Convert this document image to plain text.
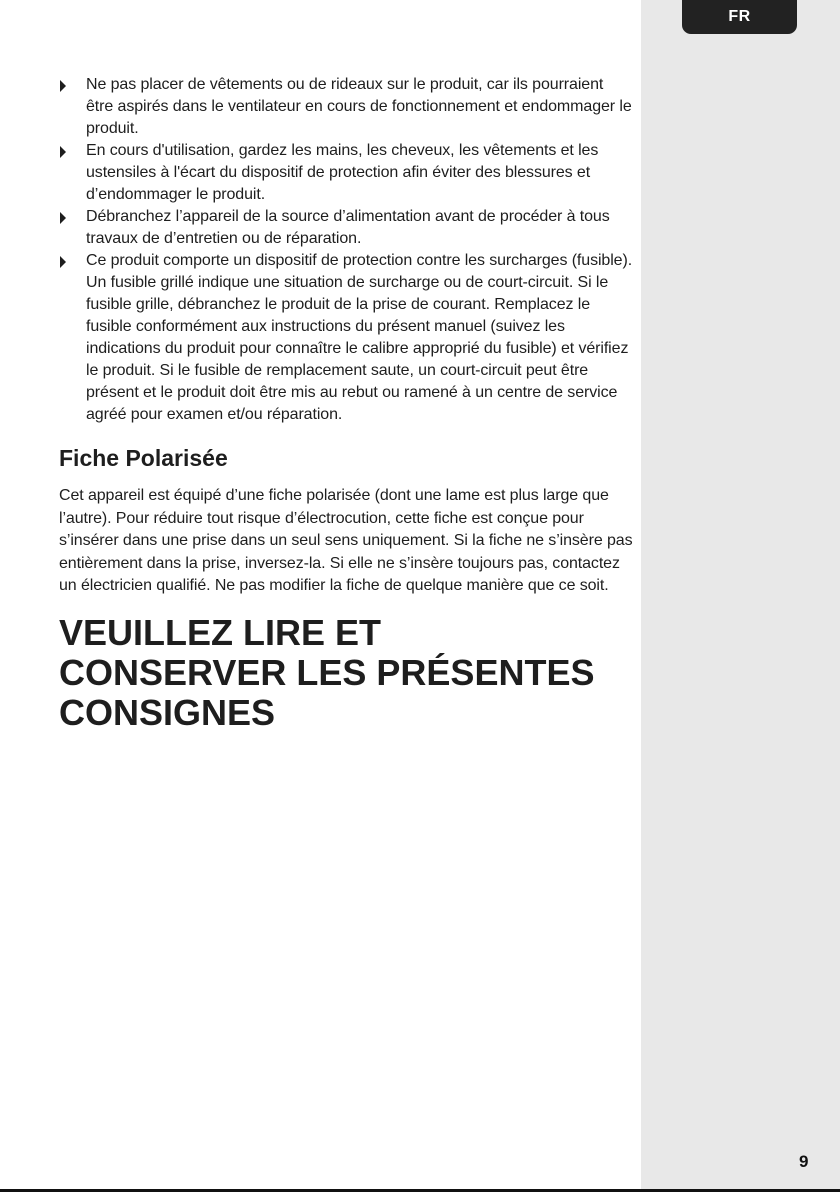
FR
Ne pas placer de vêtements ou de rideaux sur le produit, car ils pourraient être aspirés dans le ventilateur en cours de fonctionnement et endommager le produit.
En cours d'utilisation, gardez les mains, les cheveux, les vêtements et les ustensiles à l'écart du dispositif de protection afin éviter des blessures et d’endommager le produit.
Débranchez l’appareil de la source d’alimentation avant de procéder à tous travaux de d’entretien ou de réparation.
Ce produit comporte un dispositif de protection contre les surcharges (fusible). Un fusible grillé indique une situation de surcharge ou de court-circuit. Si le fusible grille, débranchez le produit de la prise de courant. Remplacez le fusible conformément aux instructions du présent manuel (suivez les indications du produit pour connaître le calibre approprié du fusible) et vérifiez le produit. Si le fusible de remplacement saute, un court-circuit peut être présent et le produit doit être mis au rebut ou ramené à un centre de service agréé pour examen et/ou réparation.
Fiche Polarisée

Cet appareil est équipé d’une fiche polarisée (dont une lame est plus large que l’autre). Pour réduire tout risque d’électrocution, cette fiche est conçue pour s’insérer dans une prise dans un seul sens uniquement. Si la fiche ne s’insère pas entièrement dans la prise, inversez-la. Si elle ne s’insère toujours pas, contactez un électricien qualifié. Ne pas modifier la fiche de quelque manière que ce soit.

VEUILLEZ LIRE ET
CONSERVER LES PRÉSENTES
CONSIGNES
9
